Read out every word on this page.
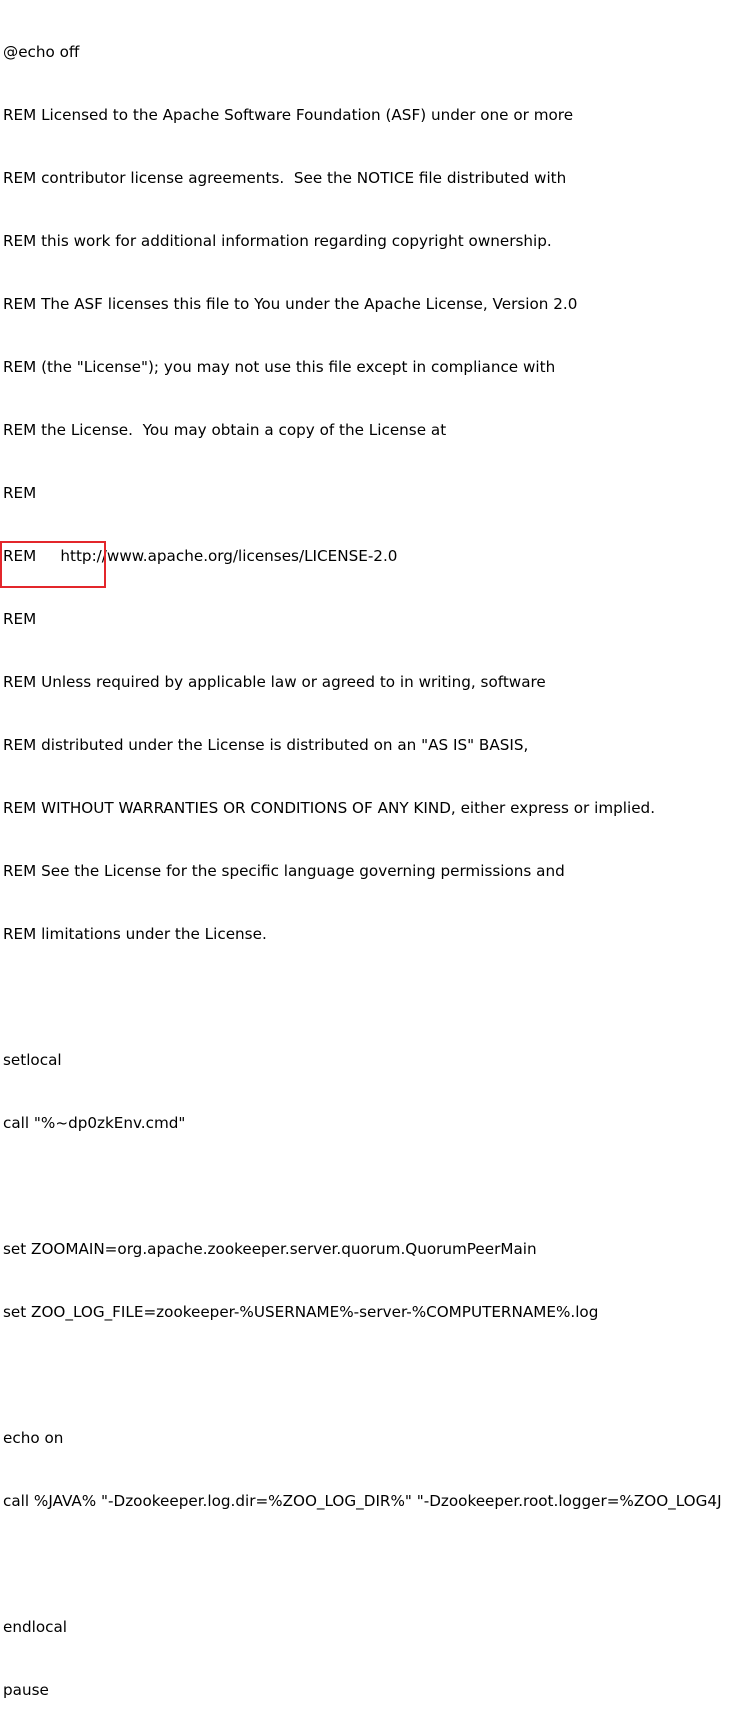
@echo off

REM Licensed to the Apache Software Foundation (ASF) under one or more

REM contributor license agreements.  See the NOTICE file distributed with

REM this work for additional information regarding copyright ownership.

REM The ASF licenses this file to You under the Apache License, Version 2.0

REM (the "License"); you may not use this file except in compliance with

REM the License.  You may obtain a copy of the License at

REM

REM     http://www.apache.org/licenses/LICENSE-2.0

REM

REM Unless required by applicable law or agreed to in writing, software

REM distributed under the License is distributed on an "AS IS" BASIS,

REM WITHOUT WARRANTIES OR CONDITIONS OF ANY KIND, either express or implied.

REM See the License for the specific language governing permissions and

REM limitations under the License.

setlocal

call "%~dp0zkEnv.cmd"

set ZOOMAIN=org.apache.zookeeper.server.quorum.QuorumPeerMain

set ZOO_LOG_FILE=zookeeper-%USERNAME%-server-%COMPUTERNAME%.log

echo on

call %JAVA% "-Dzookeeper.log.dir=%ZOO_LOG_DIR%" "-Dzookeeper.root.logger=%ZOO_LOG4J

endlocal

pause
